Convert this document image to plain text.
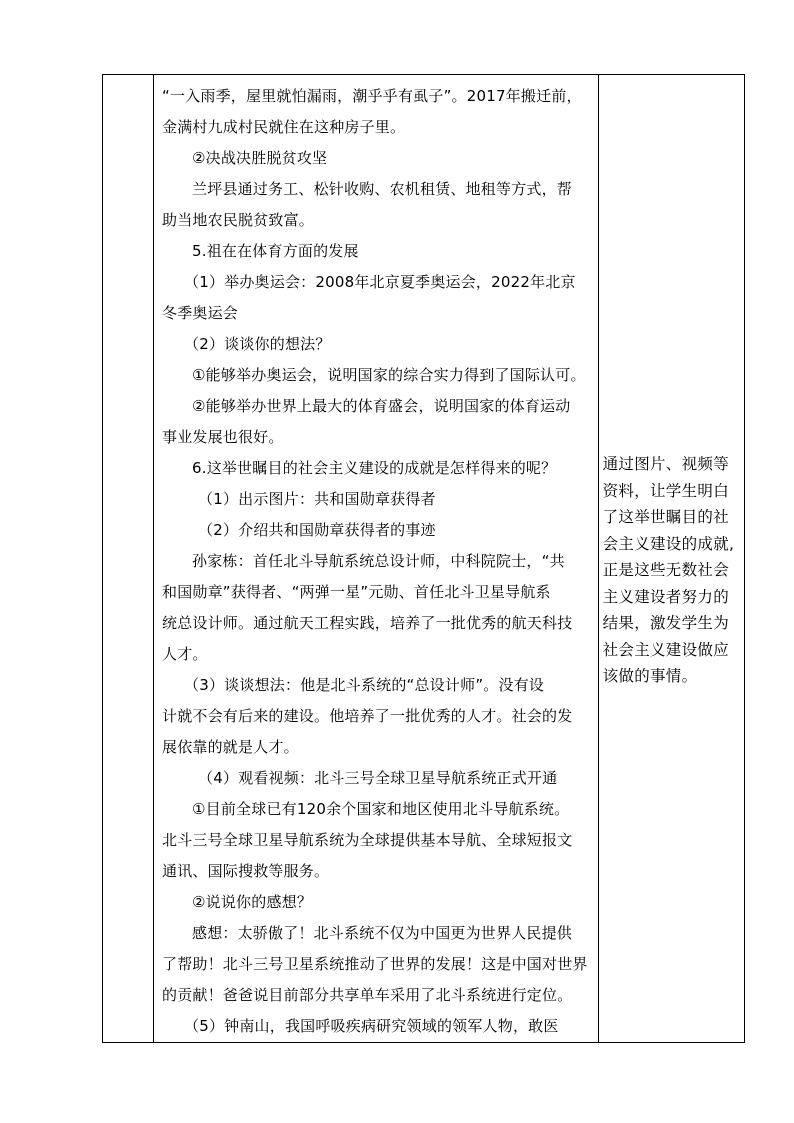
“一入雨季，屋里就怕漏雨，潮乎乎有虱子”。2017年搬迁前，
金满村九成村民就住在这种房子里。
②决战决胜脱贫攻坚
兰坪县通过务工、松针收购、农机租赁、地租等方式，帮
助当地农民脱贫致富。
5.祖在在体育方面的发展
（1）举办奥运会：2008年北京夏季奥运会，2022年北京
冬季奥运会
（2）谈谈你的想法？
①能够举办奥运会，说明国家的综合实力得到了国际认可。
②能够举办世界上最大的体育盛会，说明国家的体育运动
事业发展也很好。
6.这举世瞩目的社会主义建设的成就是怎样得来的呢？
（1）出示图片：共和国勋章获得者
（2）介绍共和国勋章获得者的事迹
孙家栋：首任北斗导航系统总设计师，中科院院士，“共
和国勋章”获得者、“两弹一星”元勋、首任北斗卫星导航系
统总设计师。通过航天工程实践，培养了一批优秀的航天科技
人才。
（3）谈谈想法：他是北斗系统的“总设计师”。没有设
计就不会有后来的建设。他培养了一批优秀的人才。社会的发
展依靠的就是人才。
（4）观看视频：北斗三号全球卫星导航系统正式开通
①目前全球已有120余个国家和地区使用北斗导航系统。
北斗三号全球卫星导航系统为全球提供基本导航、全球短报文
通讯、国际搜救等服务。
②说说你的感想？
感想：太骄傲了！北斗系统不仅为中国更为世界人民提供
了帮助！北斗三号卫星系统推动了世界的发展！这是中国对世界
的贡献！爸爸说目前部分共享单车采用了北斗系统进行定位。
（5）钟南山，我国呼吸疾病研究领域的领军人物，敢医

通过图片、视频等
资料，让学生明白
了这举世瞩目的社
会主义建设的成就,
正是这些无数社会
主义建设者努力的
结果，激发学生为
社会主义建设做应
该做的事情。
